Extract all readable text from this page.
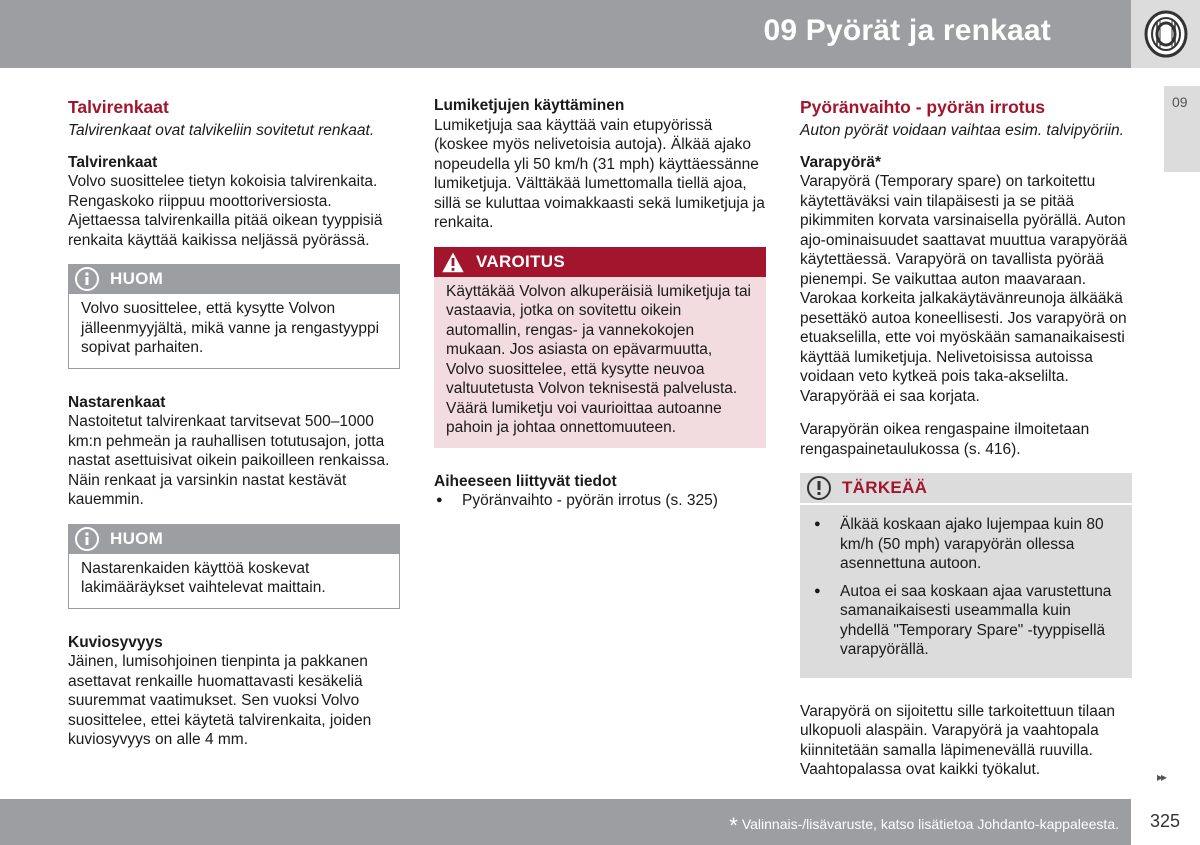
09 Pyörät ja renkaat
09
Talvirenkaat

Talvirenkaat ovat talvikeliin sovitetut renkaat.

Talvirenkaat

Volvo suosittelee tietyn kokoisia talvirenkaita. Rengaskoko riippuu moottoriversiosta. Ajettaessa talvirenkailla pitää oikean tyyppisiä renkaita käyttää kaikissa neljässä pyörässä.

HUOM
Volvo suosittelee, että kysytte Volvon jälleenmyyjältä, mikä vanne ja rengastyyppi sopivat parhaiten.
Nastarenkaat

Nastoitetut talvirenkaat tarvitsevat 500–1000 km:n pehmeän ja rauhallisen totutusajon, jotta nastat asettuisivat oikein paikoilleen renkaissa. Näin renkaat ja varsinkin nastat kestävät kauemmin.

HUOM
Nastarenkaiden käyttöä koskevat lakimääräykset vaihtelevat maittain.
Kuviosyvyys

Jäinen, lumisohjoinen tienpinta ja pakkanen asettavat renkaille huomattavasti kesäkeliä suuremmat vaatimukset. Sen vuoksi Volvo suosittelee, ettei käytetä talvirenkaita, joiden kuviosyvyys on alle 4 mm.

Lumiketjujen käyttäminen

Lumiketjuja saa käyttää vain etupyörissä (koskee myös nelivetoisia autoja). Älkää ajako nopeudella yli 50 km/h (31 mph) käyttäessänne lumiketjuja. Välttäkää lumettomalla tiellä ajoa, sillä se kuluttaa voimakkaasti sekä lumiketjuja ja renkaita.

VAROITUS
Käyttäkää Volvon alkuperäisiä lumiketjuja tai vastaavia, jotka on sovitettu oikein automallin, rengas- ja vannekokojen mukaan. Jos asiasta on epävarmuutta, Volvo suosittelee, että kysytte neuvoa valtuutetusta Volvon teknisestä palvelusta. Väärä lumiketju voi vaurioittaa autoanne pahoin ja johtaa onnettomuuteen.
Aiheeseen liittyvät tiedot
● Pyöränvaihto - pyörän irrotus (s. 325)
Pyöränvaihto - pyörän irrotus

Auton pyörät voidaan vaihtaa esim. talvipyöriin.

Varapyörä*

Varapyörä (Temporary spare) on tarkoitettu käytettäväksi vain tilapäisesti ja se pitää pikimmiten korvata varsinaisella pyörällä. Auton ajo-ominaisuudet saattavat muuttua varapyörää käytettäessä. Varapyörä on tavallista pyörää pienempi. Se vaikuttaa auton maavaraan. Varokaa korkeita jalkakäytävänreunoja älkääkä pesettäkö autoa koneellisesti. Jos varapyörä on etuakselilla, ette voi myöskään samanaikaisesti käyttää lumiketjuja. Nelivetoisissa autoissa voidaan veto kytkeä pois taka-akselilta. Varapyörää ei saa korjata.

Varapyörän oikea rengaspaine ilmoitetaan rengaspainetaulukossa (s. 416).

TÄRKEÄÄ
● Älkää koskaan ajako lujempaa kuin 80 km/h (50 mph) varapyörän ollessa asennettuna autoon.
● Autoa ei saa koskaan ajaa varustettuna samanaikaisesti useammalla kuin yhdellä "Temporary Spare" -tyyppisellä varapyörällä.

Varapyörä on sijoitettu sille tarkoitettuun tilaan ulkopuoli alaspäin. Varapyörä ja vaahtopala kiinnitetään samalla läpimenevällä ruuvilla. Vaahtopalassa ovat kaikki työkalut.	▸▸
* Valinnais-/lisävaruste, katso lisätietoa Johdanto-kappaleesta. 325
